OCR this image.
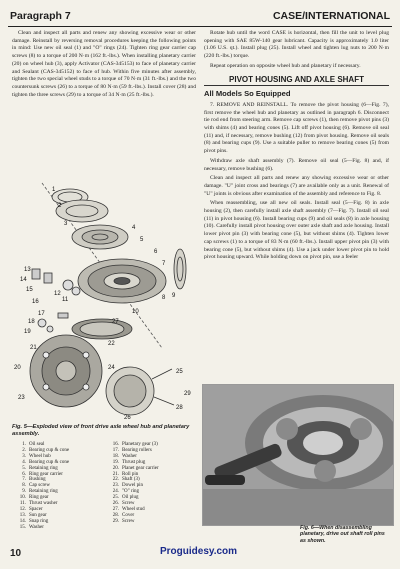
Paragraph 7	CASE/INTERNATIONAL

Clean and inspect all parts and renew any showing excessive wear or other damage. Reinstall by reversing removal procedures keeping the following points in mind: Use new oil seal (1) and "O" rings (24). Tighten ring gear carrier cap screws (8) to a torque of 200 N·m (162 ft.-lbs.). When installing planetary carrier (20) on wheel hub (3), apply Activator (CAS-345153) to face of planetary carrier and Sealant (CAS-345152) to face of hub. Within five minutes after assembly, tighten the two special wheel studs to a torque of 70 N·m (31 ft.-lbs.) and the two countersunk screws (26) to a torque of 80 N·m (59 ft.-lbs.). Install cover (28) and tighten the three screws (29) to a torque of 34 N·m (25 ft.-lbs.).

1
2
3
4
5
6
7
8 9
10
11
12
13
14
15
16
17
18
19
20
21
22
23
24
25
26
27
28
29
Fig. 5—Exploded view of front drive axle wheel hub and planetary assembly.
1. Oil seal
2. Bearing cup & cone
3. Wheel hub
4. Bearing cup & cone
5. Retaining ring
6. Ring gear carrier
7. Bushing
8. Cap screw
9. Retaining ring
10. Ring gear
11. Thrust washer
12. Spacer
13. Sun gear
14. Snap ring
15. Washer
16. Planetary gear (3)
17. Bearing rollers
18. Washer
19. Thrust plug
20. Planet gear carrier
21. Roll pin
22. Shaft (3)
23. Dowel pin
24. "O" ring
25. Oil plug
26. Screw
27. Wheel stud
28. Cover
29. Screw

Rotate hub until the word CASE is horizontal, then fill the unit to level plug opening with SAE 85W-140 gear lubricant. Capacity is approximately 1.0 liter (1.06 U.S. qt.). Install plug (25). Install wheel and tighten lug nuts to 200 N·m (220 ft.-lbs.) torque.

Repeat operation on opposite wheel hub and planetary if necessary.

PIVOT HOUSING AND AXLE SHAFT
All Models So Equipped

7. REMOVE AND REINSTALL. To remove the pivot housing (6—Fig. 7), first remove the wheel hub and planetary as outlined in paragraph 6. Disconnect tie rod end from steering arm. Remove cap screws (1), then remove pivot pins (3) with shims (4) and bearing cones (5). Lift off pivot housing (6). Remove oil seal (11) and, if necessary, remove bushing (12) from pivot housing. Remove oil seals (8) and bearing cups (9). Use a suitable puller to remove bearing cones (5) from pivot pins.

Withdraw axle shaft assembly (7). Remove oil seal (5—Fig. 8) and, if necessary, remove bushing (6).

Clean and inspect all parts and renew any showing excessive wear or other damage. "U" joint cross and bearings (7) are available only as a unit. Renewal of "U" joints is obvious after examination of the assembly and reference to Fig. 8.

When reassembling, use all new oil seals. Install seal (5—Fig. 8) in axle housing (2), then carefully install axle shaft assembly (7—Fig. 7). Install oil seal (11) in pivot housing (6). Install bearing cups (9) and oil seals (8) in axle housing (10). Carefully install pivot housing over outer axle shaft and axle housing. Install lower pivot pin (3) with bearing cone (5), but without shims (4). Tighten lower cap screws (1) to a torque of 83 N·m (60 ft.-lbs.). Install upper pivot pin (3) with bearing cone (5), but without shims (4). Use a jack under lower pivot pin to hold pivot housing upward. While holding down on pivot pin, use a feeler

Fig. 6—When disassembling planetary, drive out shaft roll pins as shown.
10	Proguidesy.com
